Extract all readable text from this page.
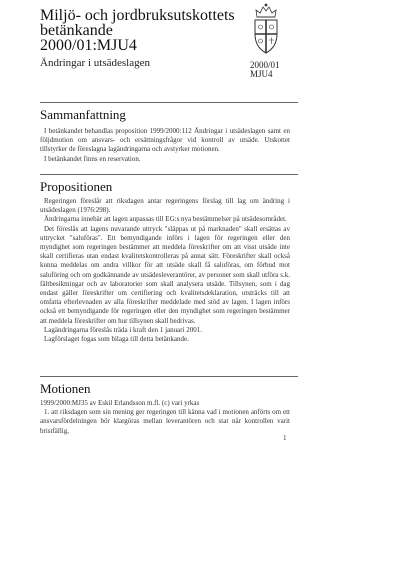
Miljö- och jordbruksutskottets
betänkande
2000/01:MJU4
Ändringar i utsädeslagen	2000/01
MJU4
Sammanfattning

I betänkandet behandlas proposition 1999/2000:112 Ändringar i utsädeslagen samt en följdmotion om ansvars- och ersättningsfrågor vid kontroll av utsäde. Utskottet tillstyrker de föreslagna lagändringarna och avstyrker motionen.

I betänkandet finns en reservation.

Propositionen

Regeringen föreslår att riksdagen antar regeringens förslag till lag om ändring i utsädeslagen (1976:298).

Ändringarna innebär att lagen anpassas till EG:s nya bestämmelser på utsädesområdet.

Det föreslås att lagens nuvarande uttryck "släppas ut på marknaden" skall ersättas av uttrycket "saluföras". Ett bemyndigande införs i lagen för regeringen eller den myndighet som regeringen bestämmer att meddela föreskrifter om att visst utsäde inte skall certifieras utan endast kvalitetskontrolleras på annat sätt. Föreskrifter skall också kunna meddelas om andra villkor för att utsäde skall få saluföras, om förbud mot saluföring och om godkännande av utsädesleverantörer, av personer som skall utföra s.k. fältbesiktningar och av laboratorier som skall analysera utsäde. Tillsynen, som i dag endast gäller föreskrifter om certifiering och kvalitetsdeklaration, utsträcks till att omfatta efterlevnaden av alla föreskrifter meddelade med stöd av lagen. I lagen införs också ett bemyndigande för regeringen eller den myndighet som regeringen bestämmer att meddela föreskrifter om hur tillsynen skall bedrivas.

Lagändringarna föreslås träda i kraft den 1 januari 2001.

Lagförslaget fogas som bilaga till detta betänkande.

Motionen

1999/2000:MJ35 av Eskil Erlandsson m.fl. (c) vari yrkas

1. att riksdagen som sin mening ger regeringen till känna vad i motionen anförts om ett ansvarsfördelningen bör klargöras mellan leverantören och stat när kontrollen varit bristfällig,

1
